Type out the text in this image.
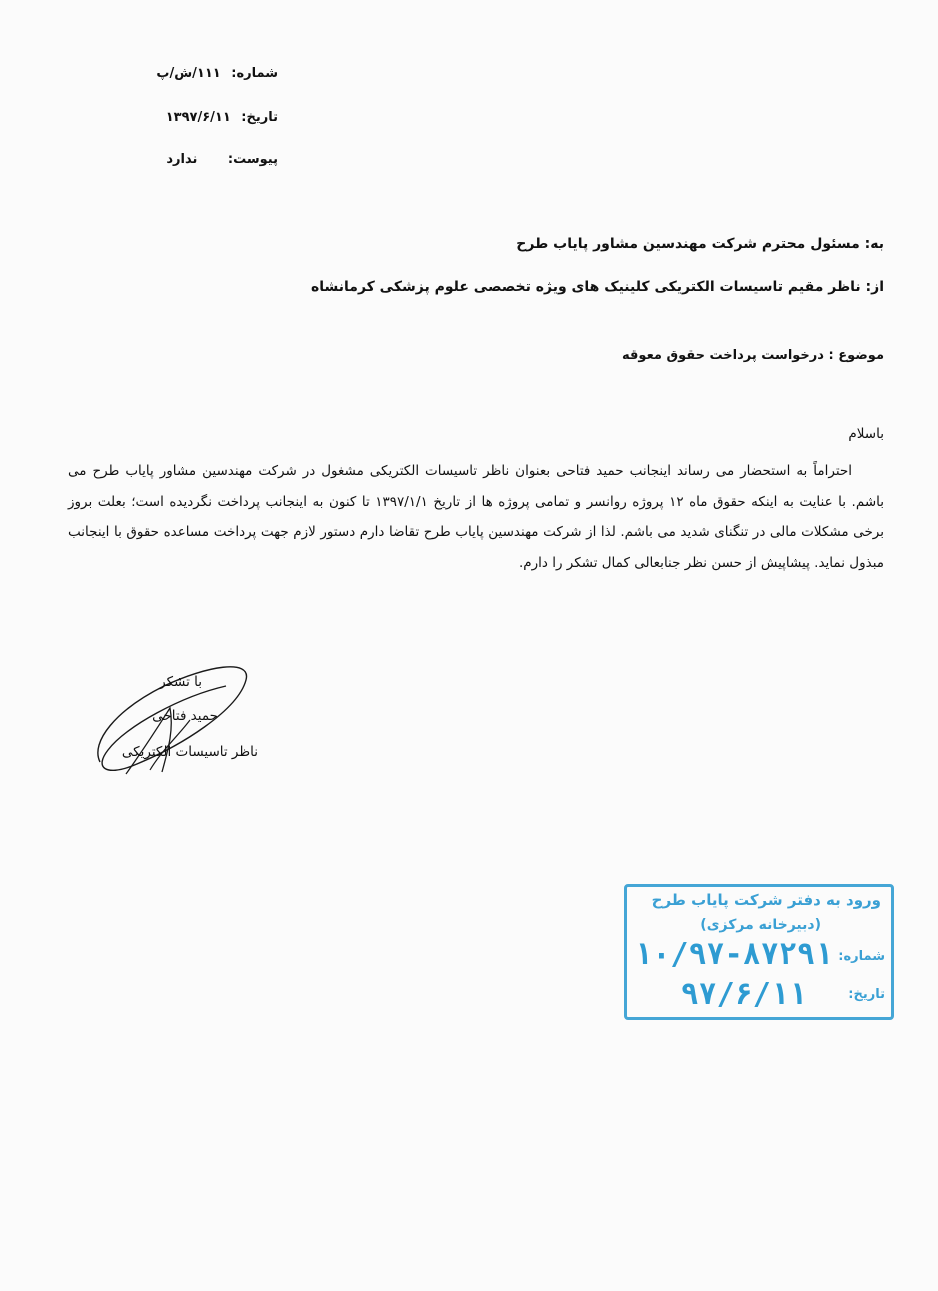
شماره: ۱۱۱/ش/پ
تاریخ: ۱۳۹۷/۶/۱۱
پیوست: ندارد
به: مسئول محترم شرکت مهندسین مشاور پایاب طرح
از: ناظر مقیم تاسیسات الکتریکی کلینیک های ویژه تخصصی علوم پزشکی کرمانشاه
موضوع : درخواست پرداخت حقوق معوقه
باسلام
احتراماً به استحضار می رساند اینجانب حمید فتاحی بعنوان ناظر تاسیسات الکتریکی مشغول در شرکت مهندسین مشاور پایاب طرح می باشم. با عنایت به اینکه حقوق ماه ۱۲ پروژه روانسر و تمامی پروژه ها از تاریخ ۱۳۹۷/۱/۱ تا کنون به اینجانب پرداخت نگردیده است؛ بعلت بروز برخی مشکلات مالی در تنگنای شدید می باشم. لذا از شرکت مهندسین پایاب طرح تقاضا دارم دستور لازم جهت پرداخت مساعده حقوق با اینجانب مبذول نماید. پیشاپیش از حسن نظر جنابعالی کمال تشکر را دارم.
با تشکر
حمید فتاحی
ناظر تاسیسات الکتریکی
ورود به دفتر شرکت پایاب طرح
(دبیرخانه مرکزی)
شماره:
۱۰/۹۷-۸۷۲۹۱
تاریخ:
۹۷/۶/۱۱
